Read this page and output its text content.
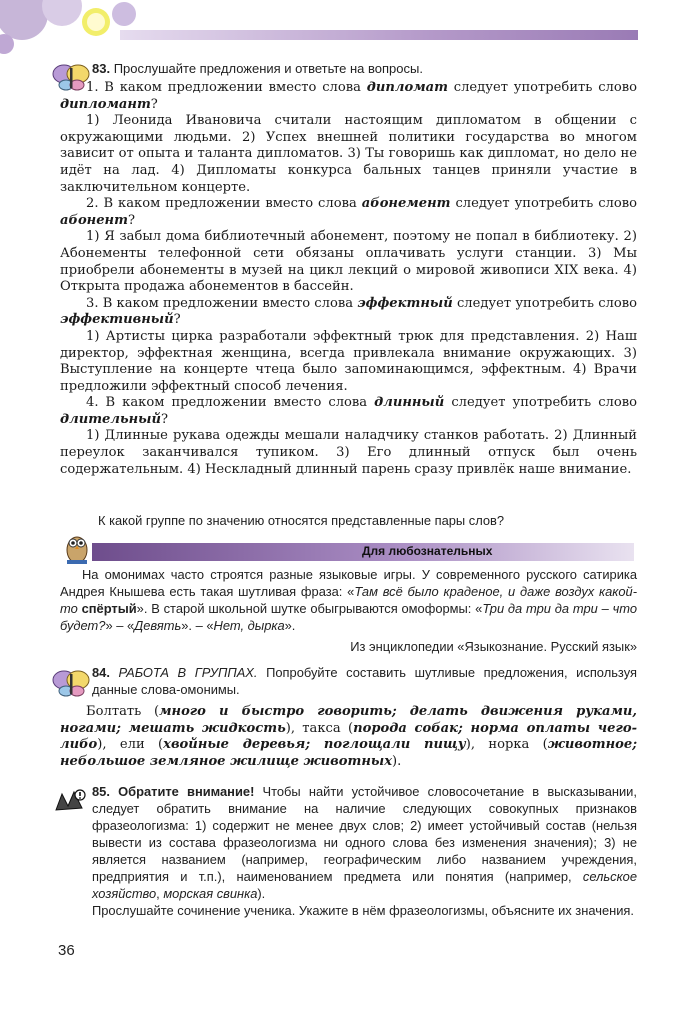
83. Прослушайте предложения и ответьте на вопросы.

1. В каком предложении вместо слова дипломат следует употребить слово дипломант?

1) Леонида Ивановича считали настоящим дипломатом в общении с окружающими людьми. 2) Успех внешней политики государства во многом зависит от опыта и таланта дипломатов. 3) Ты говоришь как дипломат, но дело не идёт на лад. 4) Дипломаты конкурса бальных танцев приняли участие в заключительном концерте.

2. В каком предложении вместо слова абонемент следует употребить слово абонент?

1) Я забыл дома библиотечный абонемент, поэтому не попал в библиотеку. 2) Абонементы телефонной сети обязаны оплачивать услуги станции. 3) Мы приобрели абонементы в музей на цикл лекций о мировой живописи XIX века. 4) Открыта продажа абонементов в бассейн.

3. В каком предложении вместо слова эффектный следует употребить слово эффективный?

1) Артисты цирка разработали эффектный трюк для представления. 2) Наш директор, эффектная женщина, всегда привлекала внимание окружающих. 3) Выступление на концерте чтеца было запоминающимся, эффектным. 4) Врачи предложили эффектный способ лечения.

4. В каком предложении вместо слова длинный следует употребить слово длительный?

1) Длинные рукава одежды мешали наладчику станков работать. 2) Длинный переулок заканчивался тупиком. 3) Его длинный отпуск был очень содержательным. 4) Нескладный длинный парень сразу привлёк наше внимание.

К какой группе по значению относятся представленные пары слов?

Для любознательных

На омонимах часто строятся разные языковые игры. У современного русского сатирика Андрея Кнышева есть такая шутливая фраза: «Там всё было краденое, и даже воздух какой-то спёртый». В старой школьной шутке обыгрываются омоформы: «Три да три да три – что будет?» – «Девять». – «Нет, дырка».

Из энциклопедии «Языкознание. Русский язык»

84. РАБОТА В ГРУППАХ. Попробуйте составить шутливые предложения, используя данные слова-омонимы.

Болтать (много и быстро говорить; делать движения руками, ногами; мешать жидкость), такса (порода собак; норма оплаты чего-либо), ели (хвойные деревья; поглощали пищу), норка (животное; небольшое земляное жилище животных).

85. Обратите внимание! Чтобы найти устойчивое словосочетание в высказывании, следует обратить внимание на наличие следующих совокупных признаков фразеологизма: 1) содержит не менее двух слов; 2) имеет устойчивый состав (нельзя вывести из состава фразеологизма ни одного слова без изменения значения); 3) не является названием (например, географическим либо названием учреждения, предприятия и т.п.), наименованием предмета или понятия (например, сельское хозяйство, морская свинка).

Прослушайте сочинение ученика. Укажите в нём фразеологизмы, объясните их значения.

36
